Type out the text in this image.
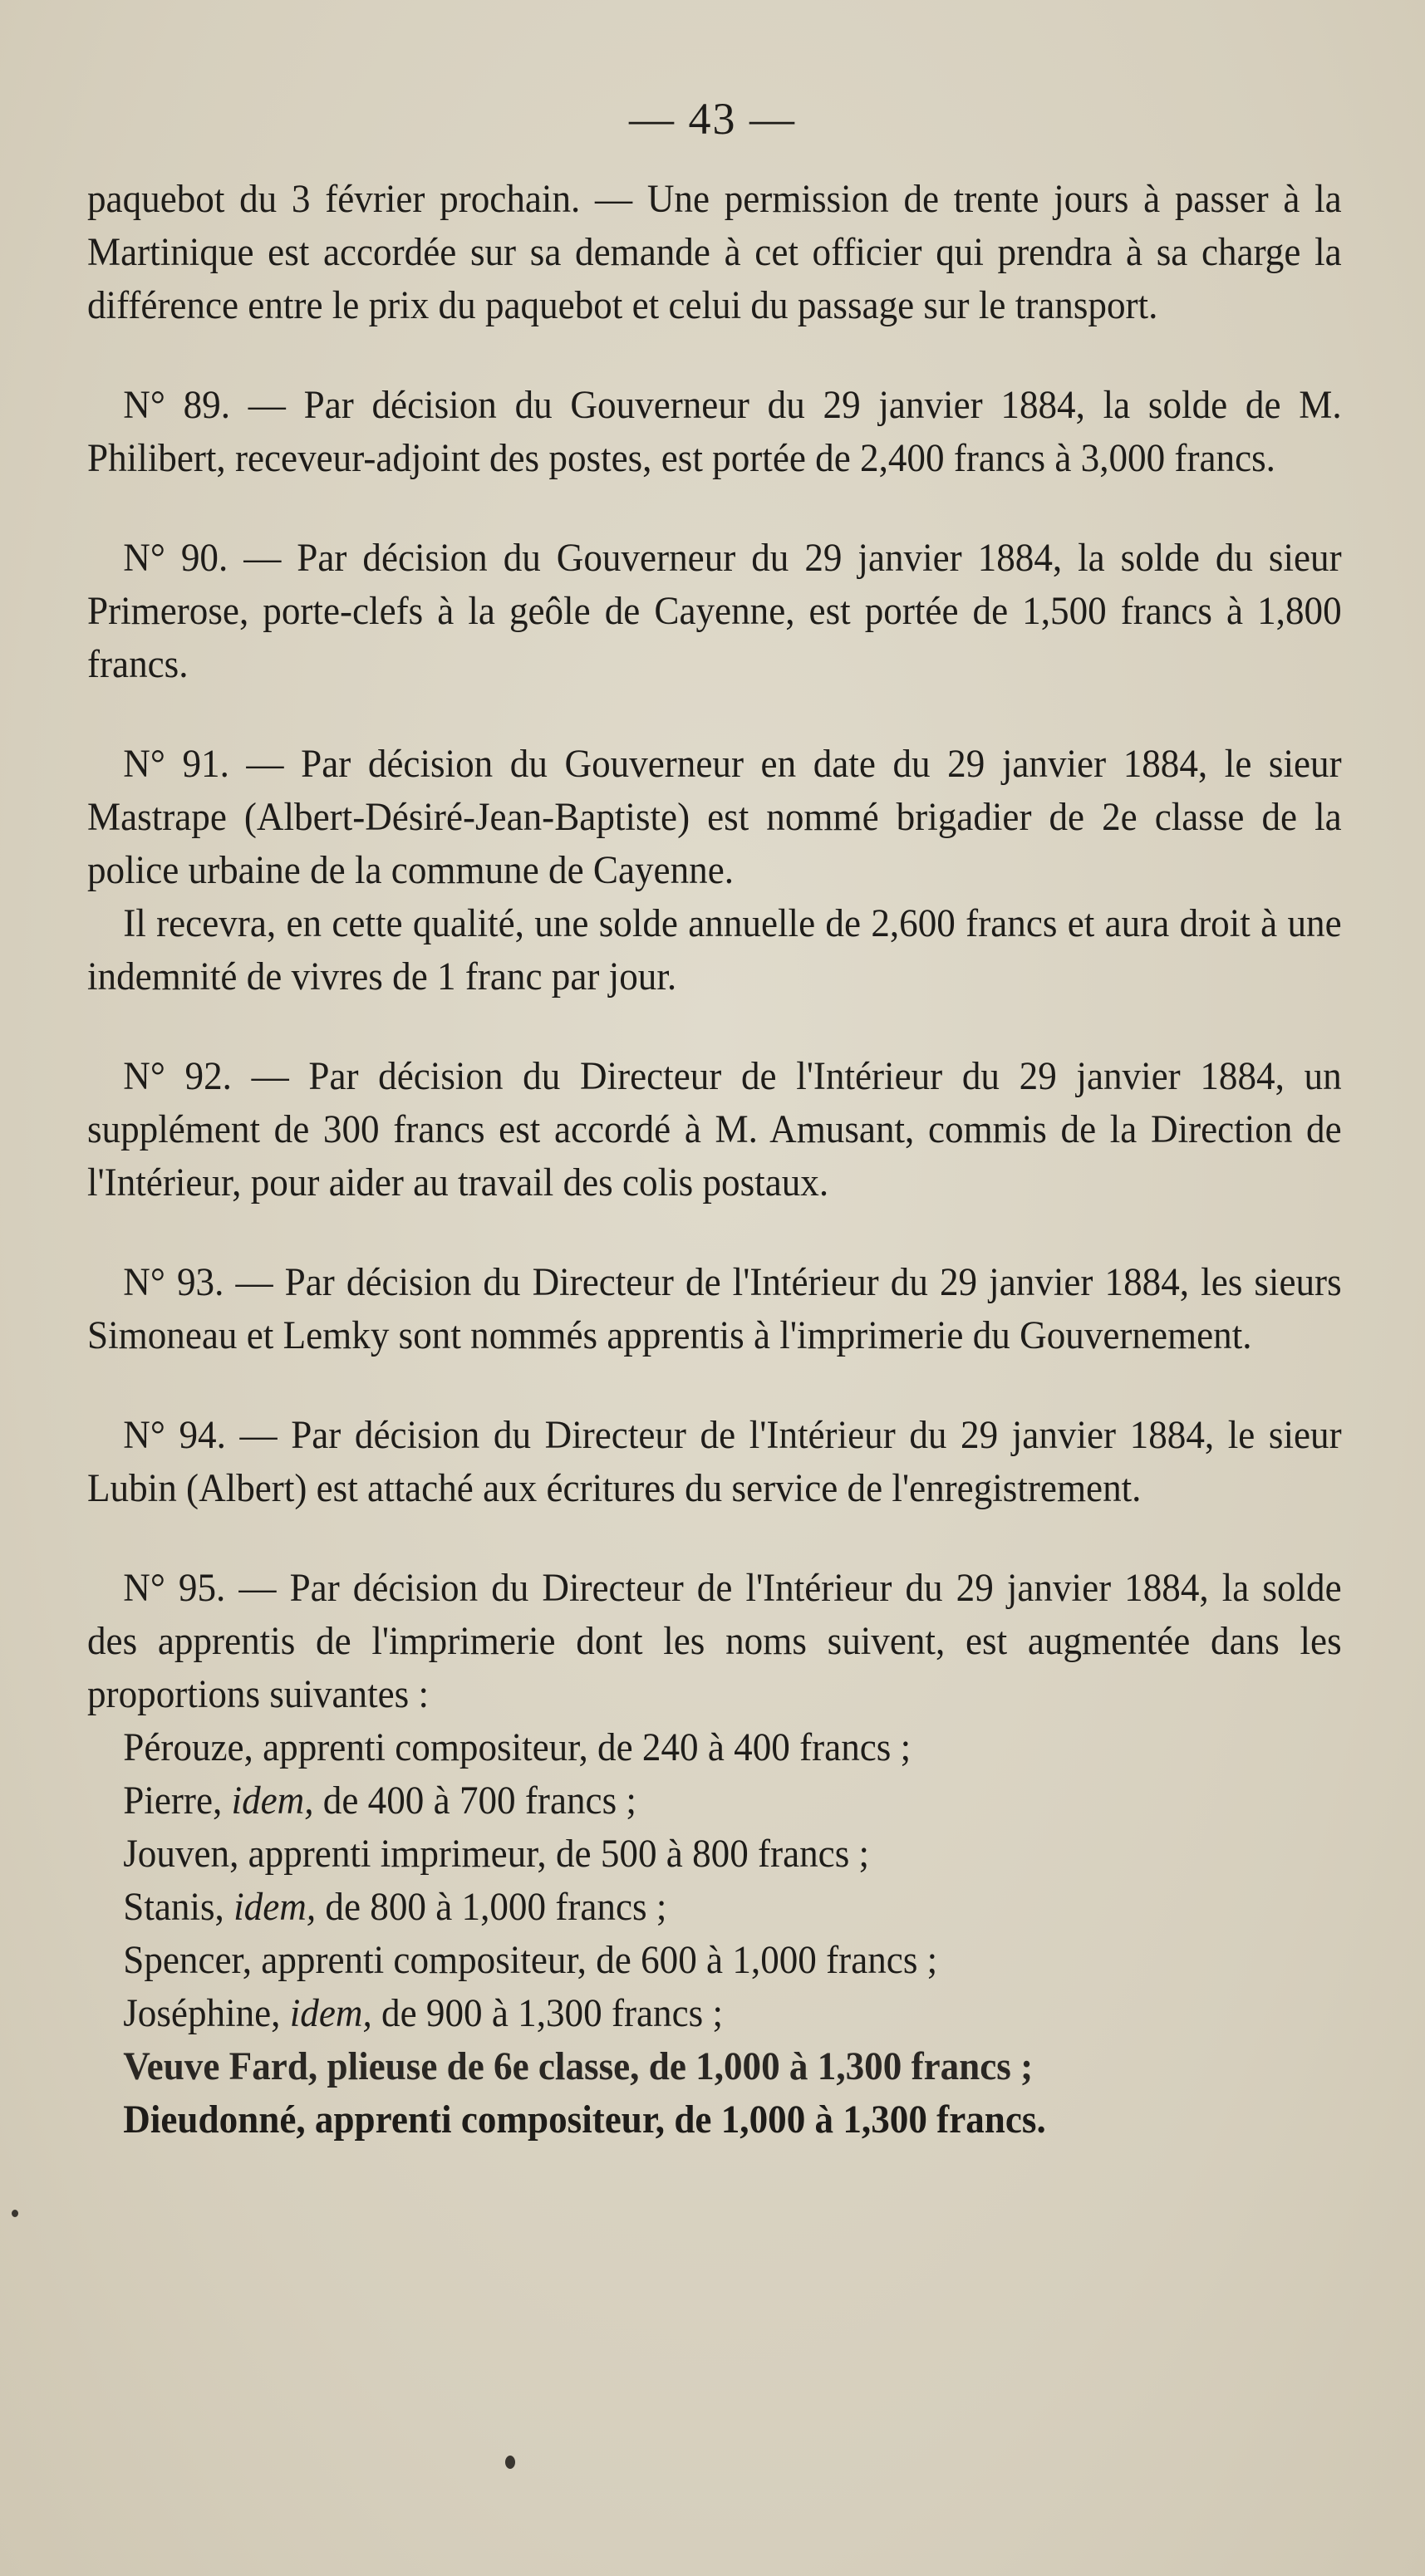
— 43 —

paquebot du 3 février prochain. — Une permission de trente jours à passer à la Martinique est accordée sur sa demande à cet officier qui prendra à sa charge la différence entre le prix du paquebot et celui du passage sur le transport.

N° 89. — Par décision du Gouverneur du 29 janvier 1884, la solde de M. Philibert, receveur-adjoint des postes, est portée de 2,400 francs à 3,000 francs.

N° 90. — Par décision du Gouverneur du 29 janvier 1884, la solde du sieur Primerose, porte-clefs à la geôle de Cayenne, est portée de 1,500 francs à 1,800 francs.

N° 91. — Par décision du Gouverneur en date du 29 janvier 1884, le sieur Mastrape (Albert-Désiré-Jean-Baptiste) est nommé brigadier de 2e classe de la police urbaine de la commune de Cayenne.

Il recevra, en cette qualité, une solde annuelle de 2,600 francs et aura droit à une indemnité de vivres de 1 franc par jour.

N° 92. — Par décision du Directeur de l'Intérieur du 29 janvier 1884, un supplément de 300 francs est accordé à M. Amusant, commis de la Direction de l'Intérieur, pour aider au travail des colis postaux.

N° 93. — Par décision du Directeur de l'Intérieur du 29 janvier 1884, les sieurs Simoneau et Lemky sont nommés apprentis à l'imprimerie du Gouvernement.

N° 94. — Par décision du Directeur de l'Intérieur du 29 janvier 1884, le sieur Lubin (Albert) est attaché aux écritures du service de l'enregistrement.

N° 95. — Par décision du Directeur de l'Intérieur du 29 janvier 1884, la solde des apprentis de l'imprimerie dont les noms suivent, est augmentée dans les proportions suivantes :

Pérouze, apprenti compositeur, de 240 à 400 francs ;

Pierre, idem, de 400 à 700 francs ;

Jouven, apprenti imprimeur, de 500 à 800 francs ;

Stanis, idem, de 800 à 1,000 francs ;

Spencer, apprenti compositeur, de 600 à 1,000 francs ;

Joséphine, idem, de 900 à 1,300 francs ;

Veuve Fard, plieuse de 6e classe, de 1,000 à 1,300 francs ;

Dieudonné, apprenti compositeur, de 1,000 à 1,300 francs.
